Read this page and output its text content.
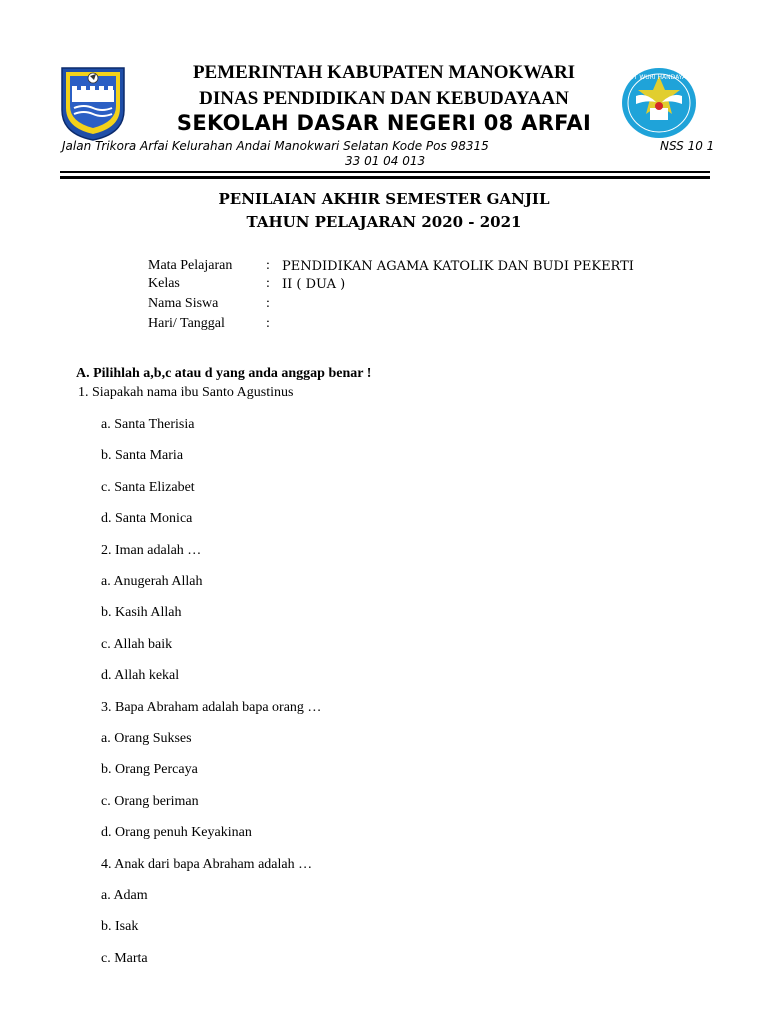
TUT WURI HANDAYANI
PEMERINTAH KABUPATEN MANOKWARI
DINAS PENDIDIKAN DAN KEBUDAYAAN
SEKOLAH DASAR NEGERI 08 ARFAI
Jalan Trikora Arfai Kelurahan Andai Manokwari Selatan Kode Pos 98315	NSS 10 1
33 01 04 013
PENILAIAN AKHIR SEMESTER GANJIL
TAHUN PELAJARAN 2020 - 2021
Mata Pelajaran : PENDIDIKAN AGAMA KATOLIK DAN BUDI PEKERTI
Kelas	: II ( DUA )
Nama Siswa	:
Hari/ Tanggal	:
A. Pilihlah a,b,c atau d yang anda anggap benar !
1. Siapakah nama ibu Santo Agustinus
a. Santa Therisia
b. Santa Maria
c. Santa Elizabet
d. Santa Monica
2. Iman adalah …
a. Anugerah Allah
b. Kasih Allah
c. Allah baik
d. Allah kekal
3. Bapa Abraham adalah bapa orang …
a. Orang Sukses
b. Orang Percaya
c. Orang beriman
d. Orang penuh Keyakinan
4. Anak dari bapa Abraham adalah …
a. Adam
b. Isak
c. Marta
